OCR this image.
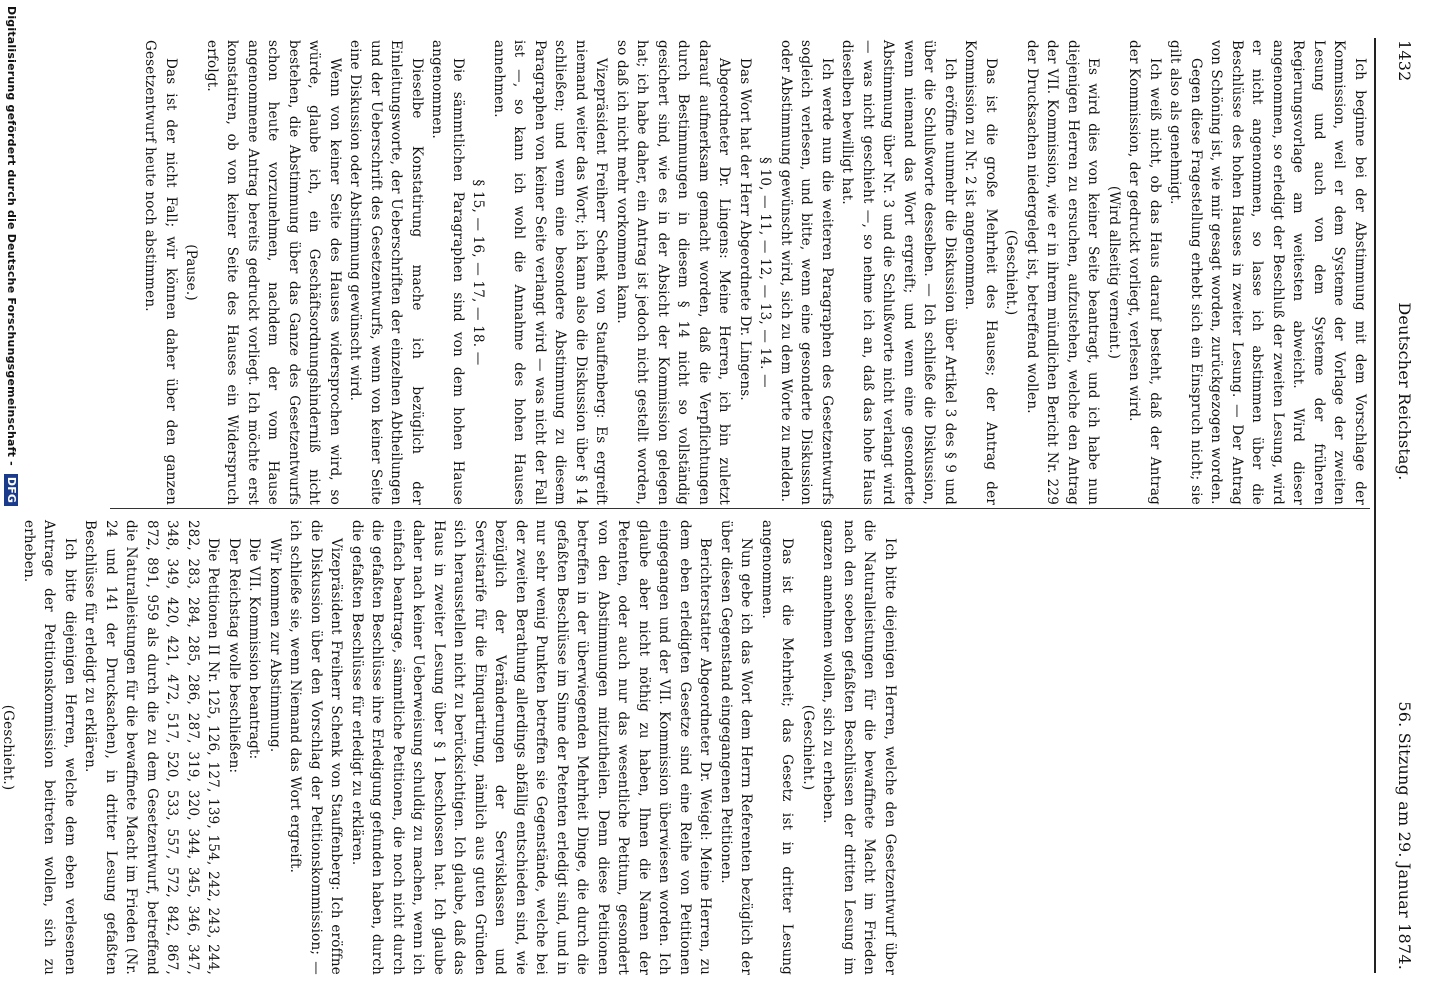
1432
Deutscher Reichstag.
56. Sitzung am 29. Januar 1874.

Ich beginne bei der Abstimmung mit dem Vorschlage der Kommission, weil er dem Systeme der Vorlage der zweiten Lesung und auch von dem Systeme der früheren Regierungsvorlage am weitesten abweicht. Wird dieser angenommen, so erledigt der Beschluß der zweiten Lesung, wird er nicht angenommen, so lasse ich abstimmen über die Beschlüsse des hohen Hauses in zweiter Lesung. — Der Antrag von Schöning ist, wie mir gesagt worden, zurückgezogen worden.

Gegen diese Fragestellung erhebt sich ein Einspruch nicht; sie gilt also als genehmigt.

Ich weiß nicht, ob das Haus darauf besteht, daß der Antrag der Kommission, der gedruckt vorliegt, verlesen wird.

(Wird allseitig verneint.)

Es wird dies von keiner Seite beantragt, und ich habe nun diejenigen Herren zu ersuchen, aufzustehen, welche den Antrag der VII. Kommission, wie er in ihrem mündlichen Bericht Nr. 229 der Drucksachen niedergelegt ist, betreffend wollen.

(Geschieht.)

Das ist die große Mehrheit des Hauses; der Antrag der Kommission zu Nr. 2 ist angenommen.

Ich eröffne nunmehr die Diskussion über Artikel 3 des § 9 und über die Schlußworte desselben. — Ich schließe die Diskussion, wenn niemand das Wort ergreift; und wenn eine gesonderte Abstimmung über Nr. 3 und die Schlußworte nicht verlangt wird — was nicht geschieht —, so nehme ich an, daß das hohe Haus dieselben bewilligt hat.

Ich werde nun die weiteren Paragraphen des Gesetzentwurfs sogleich verlesen, und bitte, wenn eine gesonderte Diskussion oder Abstimmung gewünscht wird, sich zu dem Worte zu melden.

§ 10, — 11, — 12, — 13, — 14. —

Das Wort hat der Herr Abgeordnete Dr. Lingens.

Abgeordneter Dr. Lingens: Meine Herren, ich bin zuletzt darauf aufmerksam gemacht worden, daß die Verpflichtungen durch Bestimmungen in diesem § 14 nicht so vollständig gesichert sind, wie es in der Absicht der Kommission gelegen hat; ich habe daher, ein Antrag ist jedoch nicht gestellt worden, so daß ich nicht mehr vorkommen kann.

Vizepräsident Freiherr Schenk von Stauffenberg: Es ergreift niemand weiter das Wort; ich kann also die Diskussion über § 14 schließen; und wenn eine besondere Abstimmung zu diesem Paragraphen von keiner Seite verlangt wird — was nicht der Fall ist —, so kann ich wohl die Annahme des hohen Hauses annehmen.

§ 15, — 16, — 17, — 18. —

Die sämmtlichen Paragraphen sind von dem hohen Hause angenommen.

Dieselbe Konstatirung mache ich bezüglich der Einleitungsworte, der Ueberschriften der einzelnen Abtheilungen und der Ueberschrift des Gesetzentwurfs, wenn von keiner Seite eine Diskussion oder Abstimmung gewünscht wird.

Wenn von keiner Seite des Hauses widersprochen wird, so würde, glaube ich, ein Geschäftsordnungshinderniß nicht bestehen, die Abstimmung über das Ganze des Gesetzentwurfs schon heute vorzunehmen, nachdem der vom Hause angenommene Antrag bereits gedruckt vorliegt. Ich möchte erst konstatiren, ob von keiner Seite des Hauses ein Widerspruch erfolgt.

(Pause.)

Das ist der nicht Fall; wir können daher über den ganzen Gesetzentwurf heute noch abstimmen.

Ich bitte diejenigen Herren, welche den Gesetzentwurf über die Naturalleistungen für die bewaffnete Macht im Frieden nach den soeben gefaßten Beschlüssen der dritten Lesung im ganzen annehmen wollen, sich zu erheben.

(Geschieht.)

Das ist die Mehrheit; das Gesetz ist in dritter Lesung angenommen.

Nun gebe ich das Wort dem Herrn Referenten bezüglich der über diesen Gegenstand eingegangenen Petitionen.

Berichterstatter Abgeordneter Dr. Weigel: Meine Herren, zu dem eben erledigten Gesetze sind eine Reihe von Petitionen eingegangen und der VII. Kommission überwiesen worden. Ich glaube aber nicht nöthig zu haben, Ihnen die Namen der Petenten, oder auch nur das wesentliche Petitum, gesondert von den Abstimmungen mitzutheilen. Denn diese Petitionen betreffen in der überwiegenden Mehrheit Dinge, die durch die gefaßten Beschlüsse im Sinne der Petenten erledigt sind, und in nur sehr wenig Punkten betreffen sie Gegenstände, welche bei der zweiten Berathung allerdings abfällig entschieden sind, wie bezüglich der Veränderungen der Servisklassen und Servistarife für die Einquartirung, nämlich aus guten Gründen sich herausstellen nicht zu berücksichtigen. Ich glaube, daß das Haus in zweiter Lesung über § 1 beschlossen hat. Ich glaube daher nach keiner Ueberweisung schuldig zu machen, wenn ich einfach beantrage, sämmtliche Petitionen, die noch nicht durch die gefaßten Beschlüsse ihre Erledigung gefunden haben, durch die gefaßten Beschlüsse für erledigt zu erklären.

Vizepräsident Freiherr Schenk von Stauffenberg: Ich eröffne die Diskussion über den Vorschlag der Petitionskommission; — ich schließe sie, wenn Niemand das Wort ergreift.

Wir kommen zur Abstimmung.

Die VII. Kommission beantragt:

Der Reichstag wolle beschließen:

Die Petitionen II Nr. 125, 126, 127, 139, 154, 242, 243, 244, 282, 283, 284, 285, 286, 287, 319, 320, 344, 345, 346, 347, 348, 349, 420, 421, 472, 517, 520, 533, 557, 572, 842, 867, 872, 891, 959 als durch die zu dem Gesetzentwurf, betreffend die Naturalleistungen für die bewaffnete Macht im Frieden (Nr. 24 und 141 der Drucksachen), in dritter Lesung gefaßten Beschlüsse für erledigt zu erklären.

Ich bitte diejenigen Herren, welche dem eben verlesenen Antrage der Petitionskommission beitreten wollen, sich zu erheben.

(Geschieht.)

Digitalisierung gefördert durch die Deutsche Forschungsgemeinschaft - DFG
